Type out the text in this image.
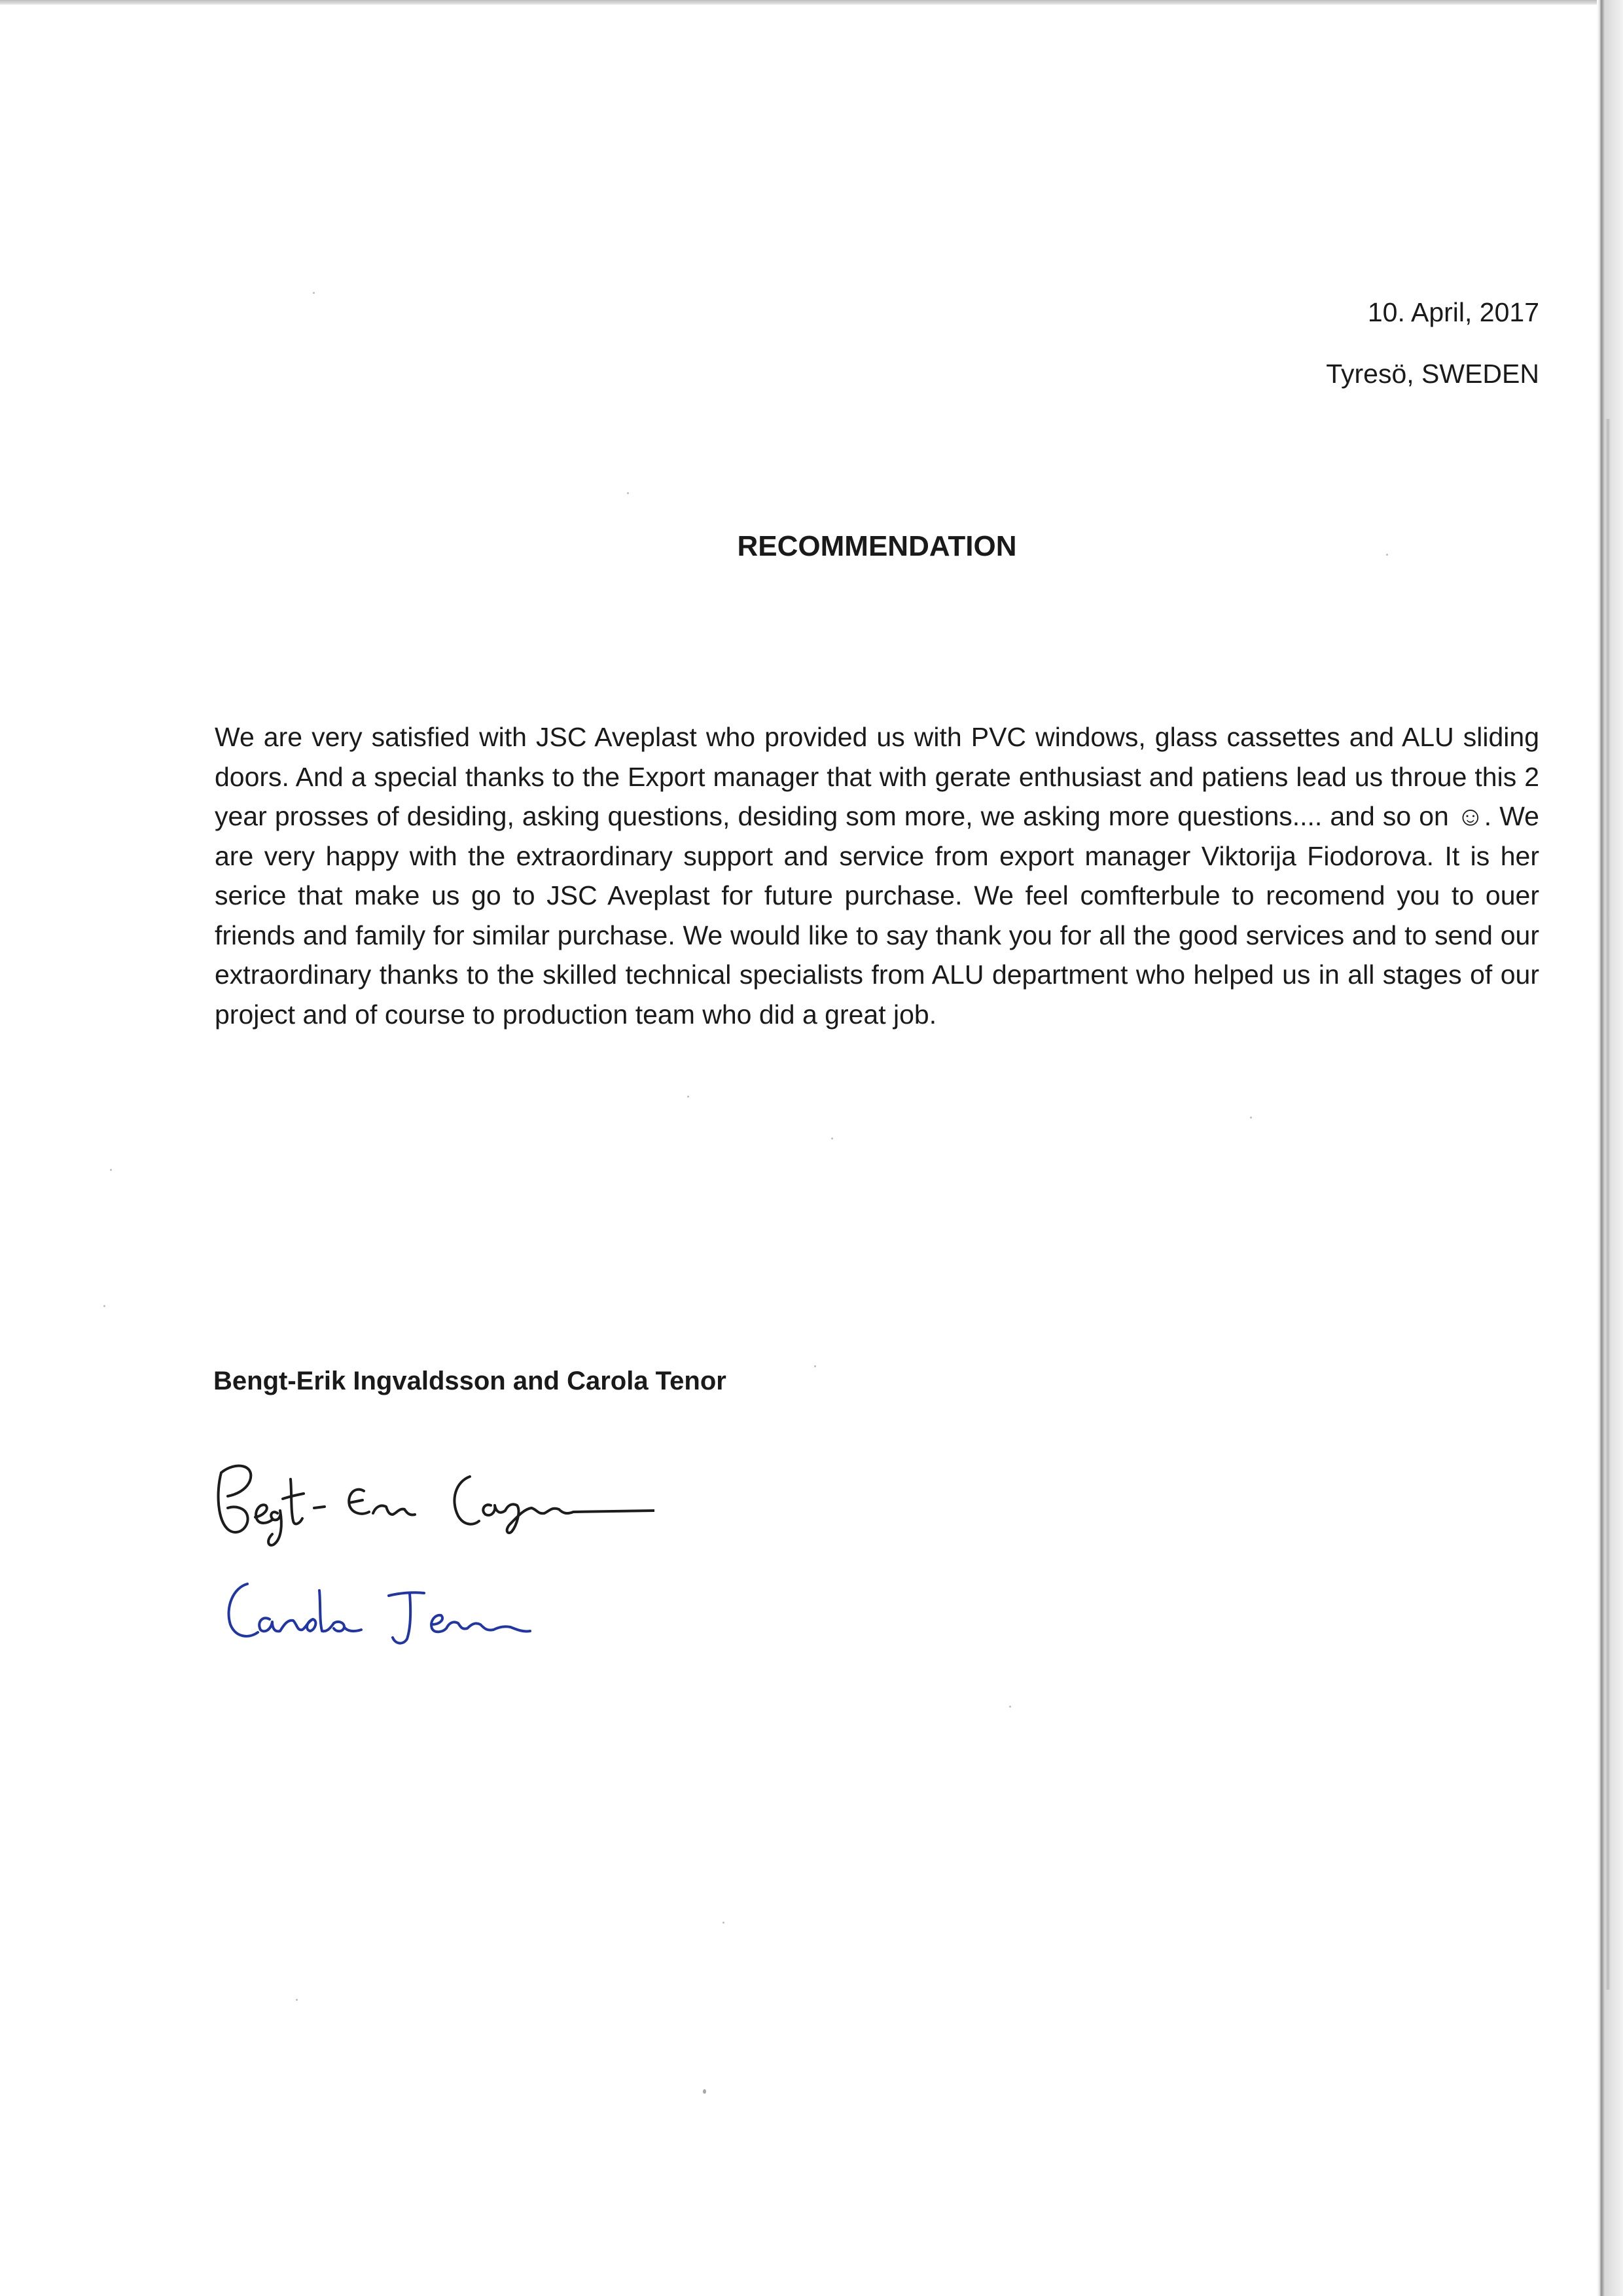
10. April, 2017
Tyresö, SWEDEN
RECOMMENDATION
We are very satisfied with JSC Aveplast who provided us with PVC windows, glass cassettes and ALU sliding doors. And a special thanks to the Export manager that with gerate enthusiast and patiens lead us throue this 2 year prosses of desiding, asking questions, desiding som more, we asking more questions.... and so on ☺. We are very happy with the extraordinary support and service from export manager Viktorija Fiodorova. It is her serice that make us go to JSC Aveplast for future purchase. We feel comfterbule to recomend you to ouer friends and family for similar purchase. We would like to say thank you for all the good services and to send our extraordinary thanks to the skilled technical specialists from ALU department who helped us in all stages of our project and of course to production team who did a great job.
Bengt-Erik Ingvaldsson and Carola Tenor
